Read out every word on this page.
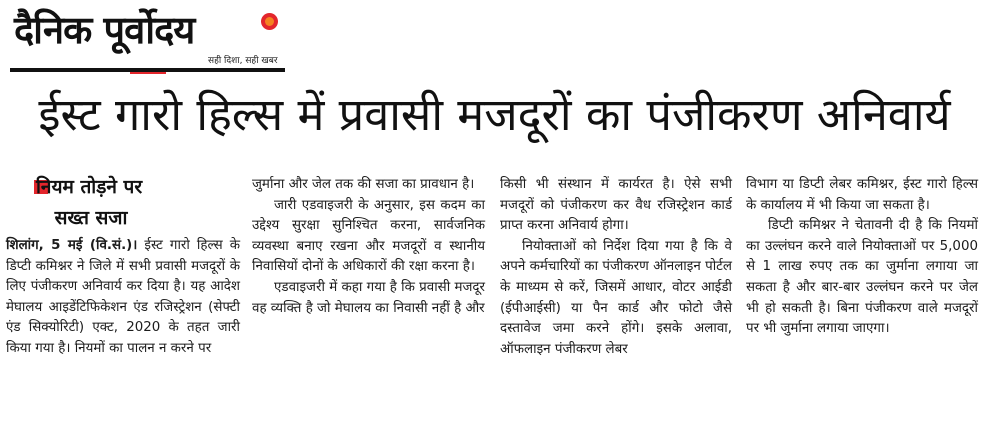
दैनिक पूर्वोदय
सही दिशा, सही खबर
ईस्ट गारो हिल्स में प्रवासी मजदूरों का पंजीकरण अनिवार्य
नियम तोड़ने पर
सख्त सजा

शिलांग, 5 मई (वि.सं.)। ईस्ट गारो हिल्स के डिप्टी कमिश्नर ने जिले में सभी प्रवासी मजदूरों के लिए पंजीकरण अनिवार्य कर दिया है। यह आदेश मेघालय आइडेंटिफिकेशन एंड रजिस्ट्रेशन (सेफ्टी एंड सिक्योरिटी) एक्ट, 2020 के तहत जारी किया गया है। नियमों का पालन न करने पर

जुर्माना और जेल तक की सजा का प्रावधान है।

जारी एडवाइजरी के अनुसार, इस कदम का उद्देश्य सुरक्षा सुनिश्चित करना, सार्वजनिक व्यवस्था बनाए रखना और मजदूरों व स्थानीय निवासियों दोनों के अधिकारों की रक्षा करना है।

एडवाइजरी में कहा गया है कि प्रवासी मजदूर वह व्यक्ति है जो मेघालय का निवासी नहीं है और

किसी भी संस्थान में कार्यरत है। ऐसे सभी मजदूरों को पंजीकरण कर वैध रजिस्ट्रेशन कार्ड प्राप्त करना अनिवार्य होगा।

नियोक्ताओं को निर्देश दिया गया है कि वे अपने कर्मचारियों का पंजीकरण ऑनलाइन पोर्टल के माध्यम से करें, जिसमें आधार, वोटर आईडी (ईपीआईसी) या पैन कार्ड और फोटो जैसे दस्तावेज जमा करने होंगे। इसके अलावा, ऑफलाइन पंजीकरण लेबर

विभाग या डिप्टी लेबर कमिश्नर, ईस्ट गारो हिल्स के कार्यालय में भी किया जा सकता है।

डिप्टी कमिश्नर ने चेतावनी दी है कि नियमों का उल्लंघन करने वाले नियोक्ताओं पर 5,000 से 1 लाख रुपए तक का जुर्माना लगाया जा सकता है और बार-बार उल्लंघन करने पर जेल भी हो सकती है। बिना पंजीकरण वाले मजदूरों पर भी जुर्माना लगाया जाएगा।
